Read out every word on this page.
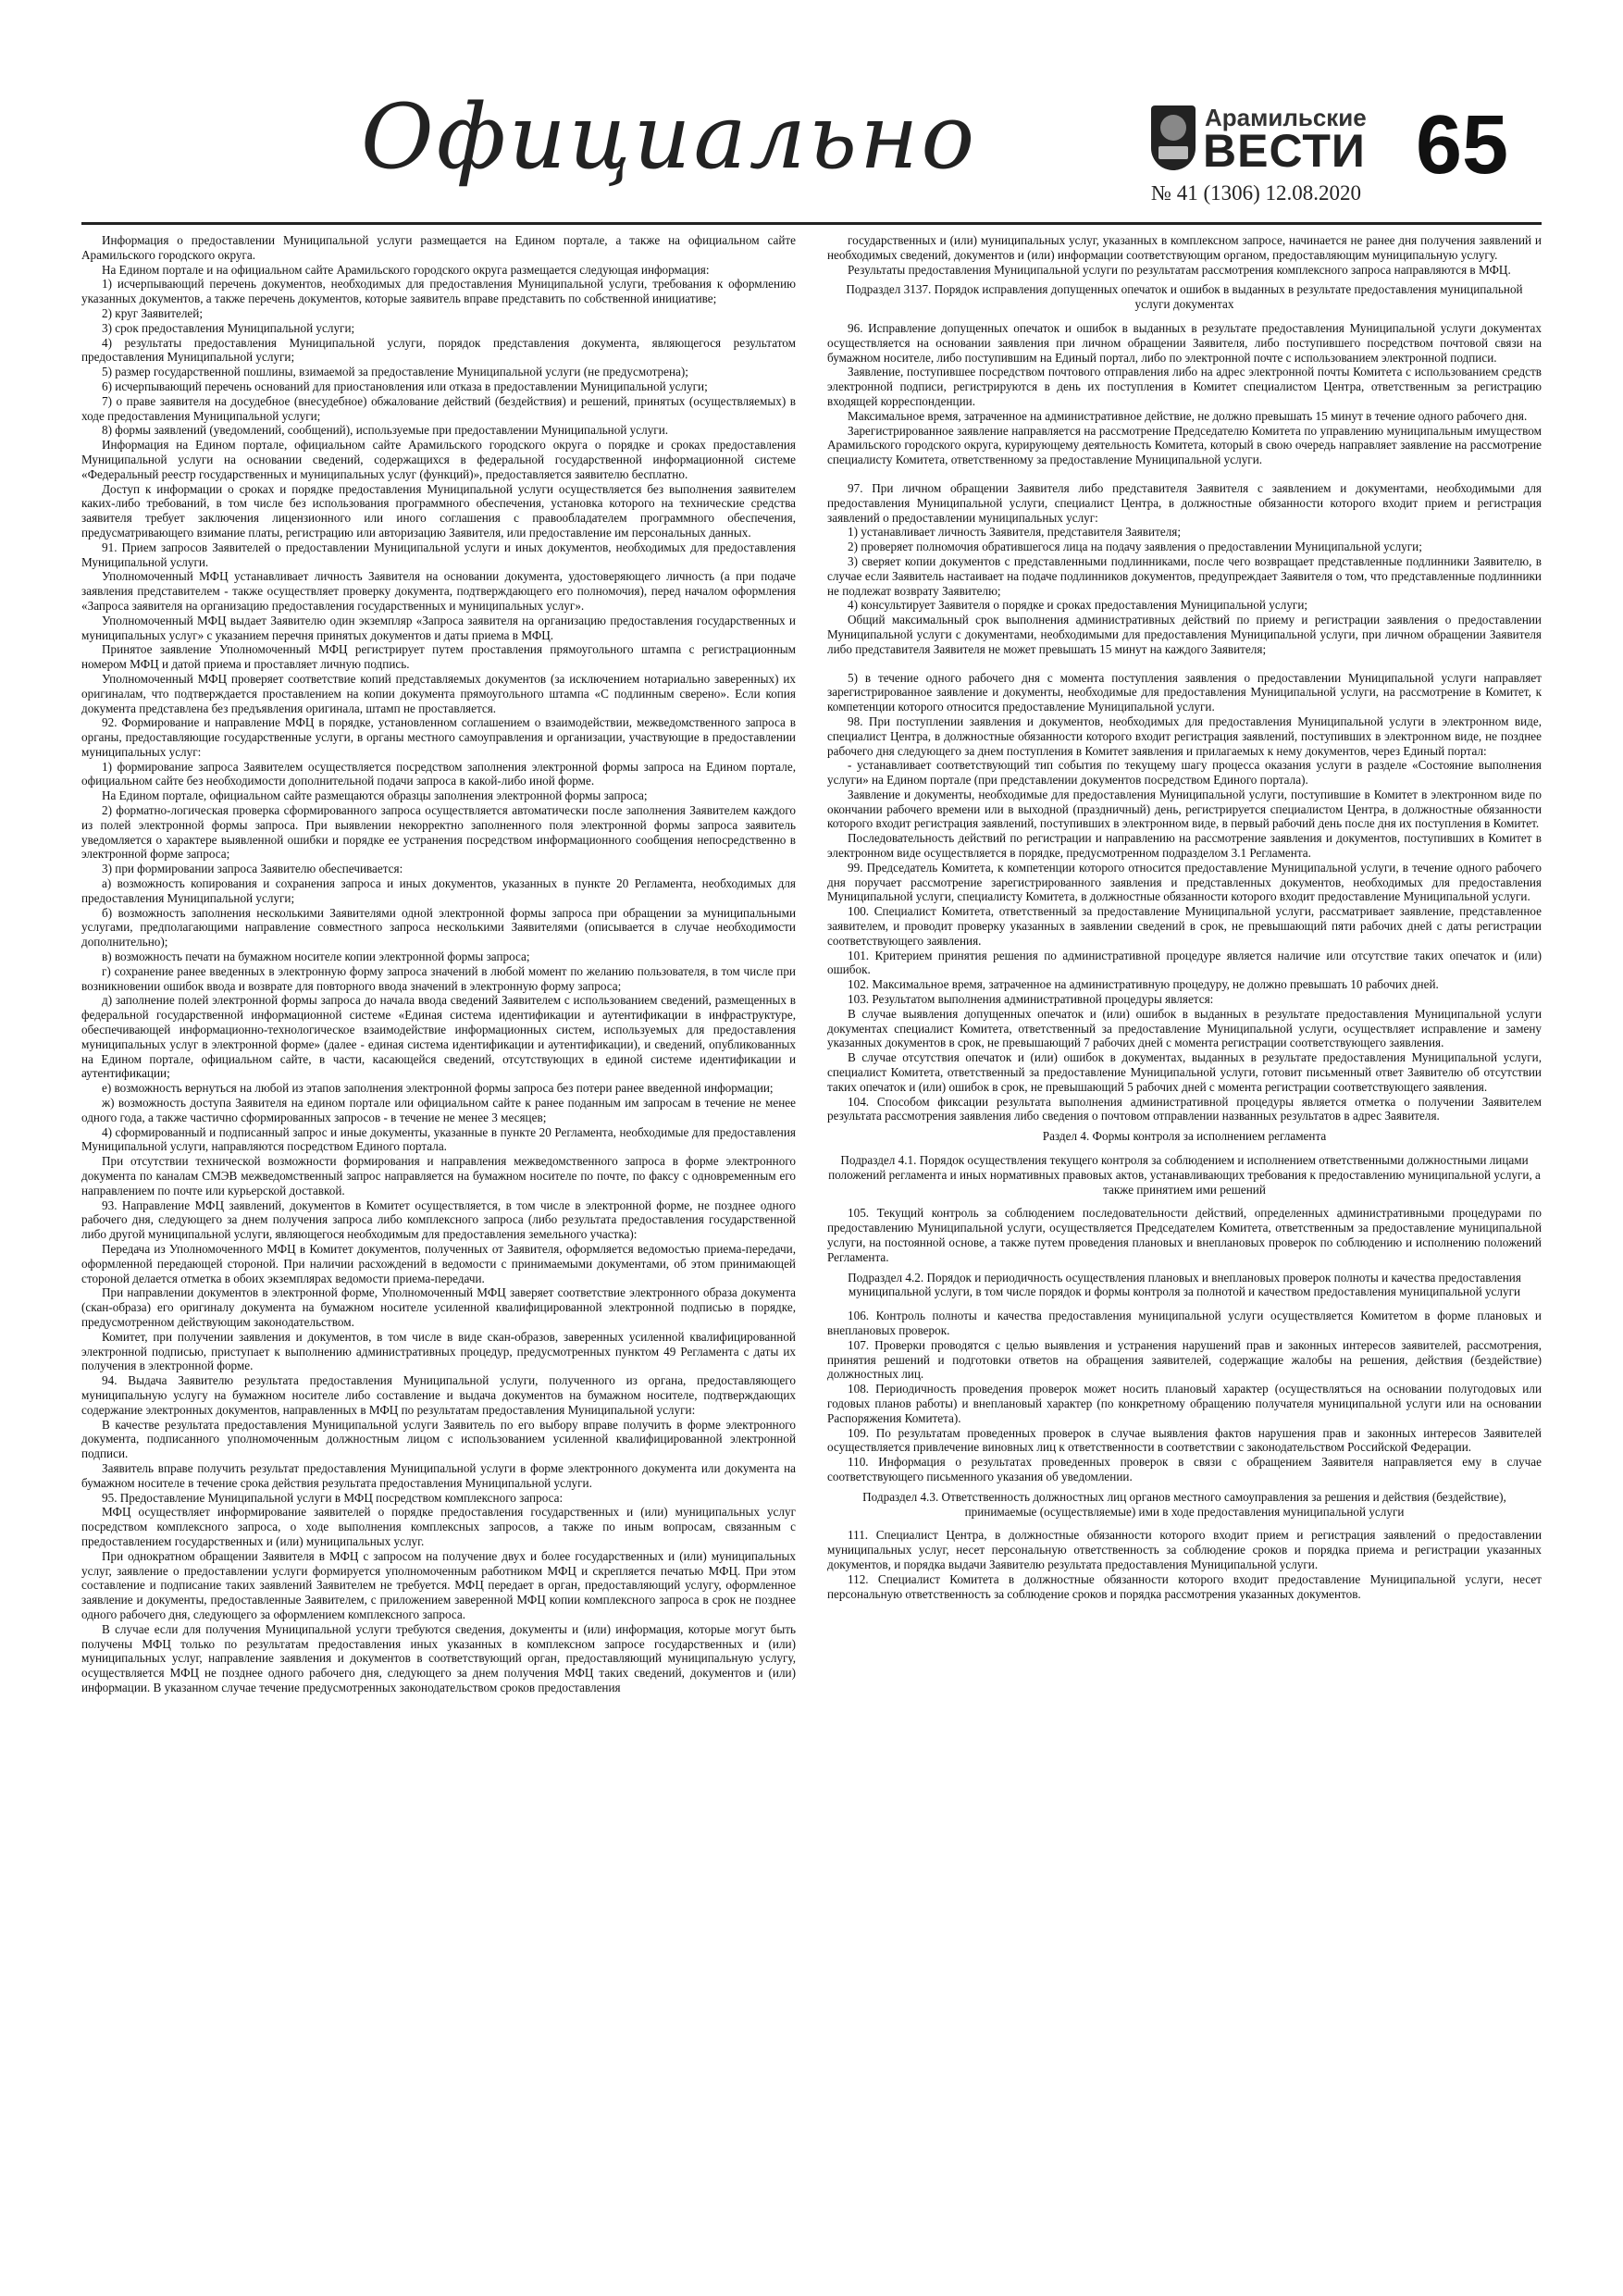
Официально	Арамильские
ВЕСТИ
№ 41 (1306) 12.08.2020
65

Информация о предоставлении Муниципальной услуги размещается на Едином портале, а также на официальном сайте Арамильского городского округа.

На Едином портале и на официальном сайте Арамильского городского округа размещается следующая информация:

1) исчерпывающий перечень документов, необходимых для предоставления Муниципальной услуги, требования к оформлению указанных документов, а также перечень документов, которые заявитель вправе представить по собственной инициативе;

2) круг Заявителей;

3) срок предоставления Муниципальной услуги;

4) результаты предоставления Муниципальной услуги, порядок представления документа, являющегося результатом предоставления Муниципальной услуги;

5) размер государственной пошлины, взимаемой за предоставление Муниципальной услуги (не предусмотрена);

6) исчерпывающий перечень оснований для приостановления или отказа в предоставлении Муниципальной услуги;

7) о праве заявителя на досудебное (внесудебное) обжалование действий (бездействия) и решений, принятых (осуществляемых) в ходе предоставления Муниципальной услуги;

8) формы заявлений (уведомлений, сообщений), используемые при предоставлении Муниципальной услуги.

Информация на Едином портале, официальном сайте Арамильского городского округа о порядке и сроках предоставления Муниципальной услуги на основании сведений, содержащихся в федеральной государственной информационной системе «Федеральный реестр государственных и муниципальных услуг (функций)», предоставляется заявителю бесплатно.

Доступ к информации о сроках и порядке предоставления Муниципальной услуги осуществляется без выполнения заявителем каких-либо требований, в том числе без использования программного обеспечения, установка которого на технические средства заявителя требует заключения лицензионного или иного соглашения с правообладателем программного обеспечения, предусматривающего взимание платы, регистрацию или авторизацию Заявителя, или предоставление им персональных данных.

91. Прием запросов Заявителей о предоставлении Муниципальной услуги и иных документов, необходимых для предоставления Муниципальной услуги.

Уполномоченный МФЦ устанавливает личность Заявителя на основании документа, удостоверяющего личность (а при подаче заявления представителем - также осуществляет проверку документа, подтверждающего его полномочия), перед началом оформления «Запроса заявителя на организацию предоставления государственных и муниципальных услуг».

Уполномоченный МФЦ выдает Заявителю один экземпляр «Запроса заявителя на организацию предоставления государственных и муниципальных услуг» с указанием перечня принятых документов и даты приема в МФЦ.

Принятое заявление Уполномоченный МФЦ регистрирует путем проставления прямоугольного штампа с регистрационным номером МФЦ и датой приема и проставляет личную подпись.

Уполномоченный МФЦ проверяет соответствие копий представляемых документов (за исключением нотариально заверенных) их оригиналам, что подтверждается проставлением на копии документа прямоугольного штампа «С подлинным сверено». Если копия документа представлена без предъявления оригинала, штамп не проставляется.

92. Формирование и направление МФЦ в порядке, установленном соглашением о взаимодействии, межведомственного запроса в органы, предоставляющие государственные услуги, в органы местного самоуправления и организации, участвующие в предоставлении муниципальных услуг:

1) формирование запроса Заявителем осуществляется посредством заполнения электронной формы запроса на Едином портале, официальном сайте без необходимости дополнительной подачи запроса в какой-либо иной форме.

На Едином портале, официальном сайте размещаются образцы заполнения электронной формы запроса;

2) форматно-логическая проверка сформированного запроса осуществляется автоматически после заполнения Заявителем каждого из полей электронной формы запроса. При выявлении некорректно заполненного поля электронной формы запроса заявитель уведомляется о характере выявленной ошибки и порядке ее устранения посредством информационного сообщения непосредственно в электронной форме запроса;

3) при формировании запроса Заявителю обеспечивается:

а) возможность копирования и сохранения запроса и иных документов, указанных в пункте 20 Регламента, необходимых для предоставления Муниципальной услуги;

б) возможность заполнения несколькими Заявителями одной электронной формы запроса при обращении за муниципальными услугами, предполагающими направление совместного запроса несколькими Заявителями (описывается в случае необходимости дополнительно);

в) возможность печати на бумажном носителе копии электронной формы запроса;

г) сохранение ранее введенных в электронную форму запроса значений в любой момент по желанию пользователя, в том числе при возникновении ошибок ввода и возврате для повторного ввода значений в электронную форму запроса;

д) заполнение полей электронной формы запроса до начала ввода сведений Заявителем с использованием сведений, размещенных в федеральной государственной информационной системе «Единая система идентификации и аутентификации в инфраструктуре, обеспечивающей информационно-технологическое взаимодействие информационных систем, используемых для предоставления муниципальных услуг в электронной форме» (далее - единая система идентификации и аутентификации), и сведений, опубликованных на Едином портале, официальном сайте, в части, касающейся сведений, отсутствующих в единой системе идентификации и аутентификации;

е) возможность вернуться на любой из этапов заполнения электронной формы запроса без потери ранее введенной информации;

ж) возможность доступа Заявителя на едином портале или официальном сайте к ранее поданным им запросам в течение не менее одного года, а также частично сформированных запросов - в течение не менее 3 месяцев;

4) сформированный и подписанный запрос и иные документы, указанные в пункте 20 Регламента, необходимые для предоставления Муниципальной услуги, направляются посредством Единого портала.

При отсутствии технической возможности формирования и направления межведомственного запроса в форме электронного документа по каналам СМЭВ межведомственный запрос направляется на бумажном носителе по почте, по факсу с одновременным его направлением по почте или курьерской доставкой.

93. Направление МФЦ заявлений, документов в Комитет осуществляется, в том числе в электронной форме, не позднее одного рабочего дня, следующего за днем получения запроса либо комплексного запроса (либо результата предоставления государственной либо другой муниципальной услуги, являющегося необходимым для предоставления земельного участка):

Передача из Уполномоченного МФЦ в Комитет документов, полученных от Заявителя, оформляется ведомостью приема-передачи, оформленной передающей стороной. При наличии расхождений в ведомости с принимаемыми документами, об этом принимающей стороной делается отметка в обоих экземплярах ведомости приема-передачи.

При направлении документов в электронной форме, Уполномоченный МФЦ заверяет соответствие электронного образа документа (скан-образа) его оригиналу документа на бумажном носителе усиленной квалифицированной электронной подписью в порядке, предусмотренном действующим законодательством.

Комитет, при получении заявления и документов, в том числе в виде скан-образов, заверенных усиленной квалифицированной электронной подписью, приступает к выполнению административных процедур, предусмотренных пунктом 49 Регламента с даты их получения в электронной форме.

94. Выдача Заявителю результата предоставления Муниципальной услуги, полученного из органа, предоставляющего муниципальную услугу на бумажном носителе либо составление и выдача документов на бумажном носителе, подтверждающих содержание электронных документов, направленных в МФЦ по результатам предоставления Муниципальной услуги:

В качестве результата предоставления Муниципальной услуги Заявитель по его выбору вправе получить в форме электронного документа, подписанного уполномоченным должностным лицом с использованием усиленной квалифицированной электронной подписи.

Заявитель вправе получить результат предоставления Муниципальной услуги в форме электронного документа или документа на бумажном носителе в течение срока действия результата предоставления Муниципальной услуги.

95. Предоставление Муниципальной услуги в МФЦ посредством комплексного запроса:

МФЦ осуществляет информирование заявителей о порядке предоставления государственных и (или) муниципальных услуг посредством комплексного запроса, о ходе выполнения комплексных запросов, а также по иным вопросам, связанным с предоставлением государственных и (или) муниципальных услуг.

При однократном обращении Заявителя в МФЦ с запросом на получение двух и более государственных и (или) муниципальных услуг, заявление о предоставлении услуги формируется уполномоченным работником МФЦ и скрепляется печатью МФЦ. При этом составление и подписание таких заявлений Заявителем не требуется. МФЦ передает в орган, предоставляющий услугу, оформленное заявление и документы, предоставленные Заявителем, с приложением заверенной МФЦ копии комплексного запроса в срок не позднее одного рабочего дня, следующего за оформлением комплексного запроса.

В случае если для получения Муниципальной услуги требуются сведения, документы и (или) информация, которые могут быть получены МФЦ только по результатам предоставления иных указанных в комплексном запросе государственных и (или) муниципальных услуг, направление заявления и документов в соответствующий орган, предоставляющий муниципальную услугу, осуществляется МФЦ не позднее одного рабочего дня, следующего за днем получения МФЦ таких сведений, документов и (или) информации. В указанном случае течение предусмотренных законодательством сроков предоставления

государственных и (или) муниципальных услуг, указанных в комплексном запросе, начинается не ранее дня получения заявлений и необходимых сведений, документов и (или) информации соответствующим органом, предоставляющим муниципальную услугу.

Результаты предоставления Муниципальной услуги по результатам рассмотрения комплексного запроса направляются в МФЦ.

Подраздел 3137. Порядок исправления допущенных опечаток и ошибок в выданных в результате предоставления муниципальной услуги документах

96. Исправление допущенных опечаток и ошибок в выданных в результате предоставления Муниципальной услуги документах осуществляется на основании заявления при личном обращении Заявителя, либо поступившего посредством почтовой связи на бумажном носителе, либо поступившим на Единый портал, либо по электронной почте с использованием электронной подписи.

Заявление, поступившее посредством почтового отправления либо на адрес электронной почты Комитета с использованием средств электронной подписи, регистрируются в день их поступления в Комитет специалистом Центра, ответственным за регистрацию входящей корреспонденции.

Максимальное время, затраченное на административное действие, не должно превышать 15 минут в течение одного рабочего дня.

Зарегистрированное заявление направляется на рассмотрение Председателю Комитета по управлению муниципальным имуществом Арамильского городского округа, курирующему деятельность Комитета, который в свою очередь направляет заявление на рассмотрение специалисту Комитета, ответственному за предоставление Муниципальной услуги.

97. При личном обращении Заявителя либо представителя Заявителя с заявлением и документами, необходимыми для предоставления Муниципальной услуги, специалист Центра, в должностные обязанности которого входит прием и регистрация заявлений о предоставлении муниципальных услуг:

1) устанавливает личность Заявителя, представителя Заявителя;

2) проверяет полномочия обратившегося лица на подачу заявления о предоставлении Муниципальной услуги;

3) сверяет копии документов с представленными подлинниками, после чего возвращает представленные подлинники Заявителю, в случае если Заявитель настаивает на подаче подлинников документов, предупреждает Заявителя о том, что представленные подлинники не подлежат возврату Заявителю;

4) консультирует Заявителя о порядке и сроках предоставления Муниципальной услуги;

Общий максимальный срок выполнения административных действий по приему и регистрации заявления о предоставлении Муниципальной услуги с документами, необходимыми для предоставления Муниципальной услуги, при личном обращении Заявителя либо представителя Заявителя не может превышать 15 минут на каждого Заявителя;

5) в течение одного рабочего дня с момента поступления заявления о предоставлении Муниципальной услуги направляет зарегистрированное заявление и документы, необходимые для предоставления Муниципальной услуги, на рассмотрение в Комитет, к компетенции которого относится предоставление Муниципальной услуги.

98. При поступлении заявления и документов, необходимых для предоставления Муниципальной услуги в электронном виде, специалист Центра, в должностные обязанности которого входит регистрация заявлений, поступивших в электронном виде, не позднее рабочего дня следующего за днем поступления в Комитет заявления и прилагаемых к нему документов, через Единый портал:

- устанавливает соответствующий тип события по текущему шагу процесса оказания услуги в разделе «Состояние выполнения услуги» на Едином портале (при представлении документов посредством Единого портала).

Заявление и документы, необходимые для предоставления Муниципальной услуги, поступившие в Комитет в электронном виде по окончании рабочего времени или в выходной (праздничный) день, регистрируется специалистом Центра, в должностные обязанности которого входит регистрация заявлений, поступивших в электронном виде, в первый рабочий день после дня их поступления в Комитет.

Последовательность действий по регистрации и направлению на рассмотрение заявления и документов, поступивших в Комитет в электронном виде осуществляется в порядке, предусмотренном подразделом 3.1 Регламента.

99. Председатель Комитета, к компетенции которого относится предоставление Муниципальной услуги, в течение одного рабочего дня поручает рассмотрение зарегистрированного заявления и представленных документов, необходимых для предоставления Муниципальной услуги, специалисту Комитета, в должностные обязанности которого входит предоставление Муниципальной услуги.

100. Специалист Комитета, ответственный за предоставление Муниципальной услуги, рассматривает заявление, представленное заявителем, и проводит проверку указанных в заявлении сведений в срок, не превышающий пяти рабочих дней с даты регистрации соответствующего заявления.

101. Критерием принятия решения по административной процедуре является наличие или отсутствие таких опечаток и (или) ошибок.

102. Максимальное время, затраченное на административную процедуру, не должно превышать 10 рабочих дней.

103. Результатом выполнения административной процедуры является:

В случае выявления допущенных опечаток и (или) ошибок в выданных в результате предоставления Муниципальной услуги документах специалист Комитета, ответственный за предоставление Муниципальной услуги, осуществляет исправление и замену указанных документов в срок, не превышающий 7 рабочих дней с момента регистрации соответствующего заявления.

В случае отсутствия опечаток и (или) ошибок в документах, выданных в результате предоставления Муниципальной услуги, специалист Комитета, ответственный за предоставление Муниципальной услуги, готовит письменный ответ Заявителю об отсутствии таких опечаток и (или) ошибок в срок, не превышающий 5 рабочих дней с момента регистрации соответствующего заявления.

104. Способом фиксации результата выполнения административной процедуры является отметка о получении Заявителем результата рассмотрения заявления либо сведения о почтовом отправлении названных результатов в адрес Заявителя.

Раздел 4. Формы контроля за исполнением регламента

Подраздел 4.1. Порядок осуществления текущего контроля за соблюдением и исполнением ответственными должностными лицами положений регламента и иных нормативных правовых актов, устанавливающих требования к предоставлению муниципальной услуги, а также принятием ими решений

105. Текущий контроль за соблюдением последовательности действий, определенных административными процедурами по предоставлению Муниципальной услуги, осуществляется Председателем Комитета, ответственным за предоставление муниципальной услуги, на постоянной основе, а также путем проведения плановых и внеплановых проверок по соблюдению и исполнению положений Регламента.

Подраздел 4.2. Порядок и периодичность осуществления плановых и внеплановых проверок полноты и качества предоставления муниципальной услуги, в том числе порядок и формы контроля за полнотой и качеством предоставления муниципальной услуги

106. Контроль полноты и качества предоставления муниципальной услуги осуществляется Комитетом в форме плановых и внеплановых проверок.

107. Проверки проводятся с целью выявления и устранения нарушений прав и законных интересов заявителей, рассмотрения, принятия решений и подготовки ответов на обращения заявителей, содержащие жалобы на решения, действия (бездействие) должностных лиц.

108. Периодичность проведения проверок может носить плановый характер (осуществляться на основании полугодовых или годовых планов работы) и внеплановый характер (по конкретному обращению получателя муниципальной услуги или на основании Распоряжения Комитета).

109. По результатам проведенных проверок в случае выявления фактов нарушения прав и законных интересов Заявителей осуществляется привлечение виновных лиц к ответственности в соответствии с законодательством Российской Федерации.

110. Информация о результатах проведенных проверок в связи с обращением Заявителя направляется ему в случае соответствующего письменного указания об уведомлении.

Подраздел 4.3. Ответственность должностных лиц органов местного самоуправления за решения и действия (бездействие), принимаемые (осуществляемые) ими в ходе предоставления муниципальной услуги

111. Специалист Центра, в должностные обязанности которого входит прием и регистрация заявлений о предоставлении муниципальных услуг, несет персональную ответственность за соблюдение сроков и порядка приема и регистрации указанных документов, и порядка выдачи Заявителю результата предоставления Муниципальной услуги.

112. Специалист Комитета в должностные обязанности которого входит предоставление Муниципальной услуги, несет персональную ответственность за соблюдение сроков и порядка рассмотрения указанных документов.
